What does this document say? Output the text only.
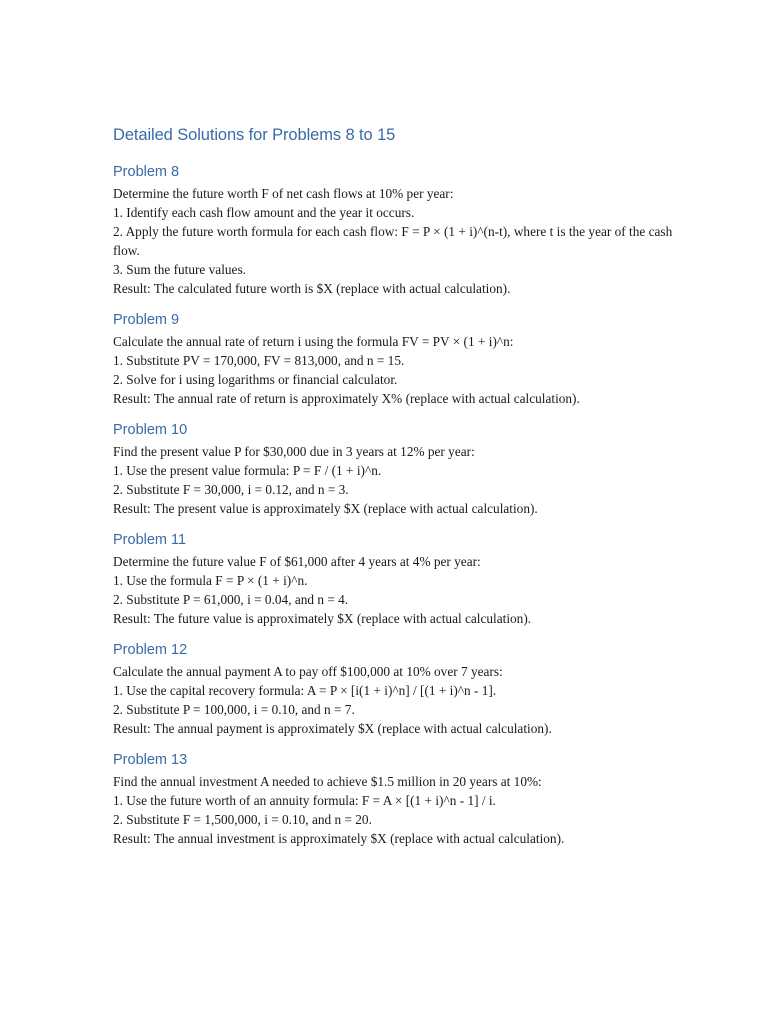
Detailed Solutions for Problems 8 to 15
Problem 8

Determine the future worth F of net cash flows at 10% per year:

1. Identify each cash flow amount and the year it occurs.

2. Apply the future worth formula for each cash flow: F = P × (1 + i)^(n-t), where t is the year of the cash flow.

3. Sum the future values.

Result: The calculated future worth is $X (replace with actual calculation).

Problem 9

Calculate the annual rate of return i using the formula FV = PV × (1 + i)^n:

1. Substitute PV = 170,000, FV = 813,000, and n = 15.

2. Solve for i using logarithms or financial calculator.

Result: The annual rate of return is approximately X% (replace with actual calculation).

Problem 10

Find the present value P for $30,000 due in 3 years at 12% per year:

1. Use the present value formula: P = F / (1 + i)^n.

2. Substitute F = 30,000, i = 0.12, and n = 3.

Result: The present value is approximately $X (replace with actual calculation).

Problem 11

Determine the future value F of $61,000 after 4 years at 4% per year:

1. Use the formula F = P × (1 + i)^n.

2. Substitute P = 61,000, i = 0.04, and n = 4.

Result: The future value is approximately $X (replace with actual calculation).

Problem 12

Calculate the annual payment A to pay off $100,000 at 10% over 7 years:

1. Use the capital recovery formula: A = P × [i(1 + i)^n] / [(1 + i)^n - 1].

2. Substitute P = 100,000, i = 0.10, and n = 7.

Result: The annual payment is approximately $X (replace with actual calculation).

Problem 13

Find the annual investment A needed to achieve $1.5 million in 20 years at 10%:

1. Use the future worth of an annuity formula: F = A × [(1 + i)^n - 1] / i.

2. Substitute F = 1,500,000, i = 0.10, and n = 20.

Result: The annual investment is approximately $X (replace with actual calculation).
